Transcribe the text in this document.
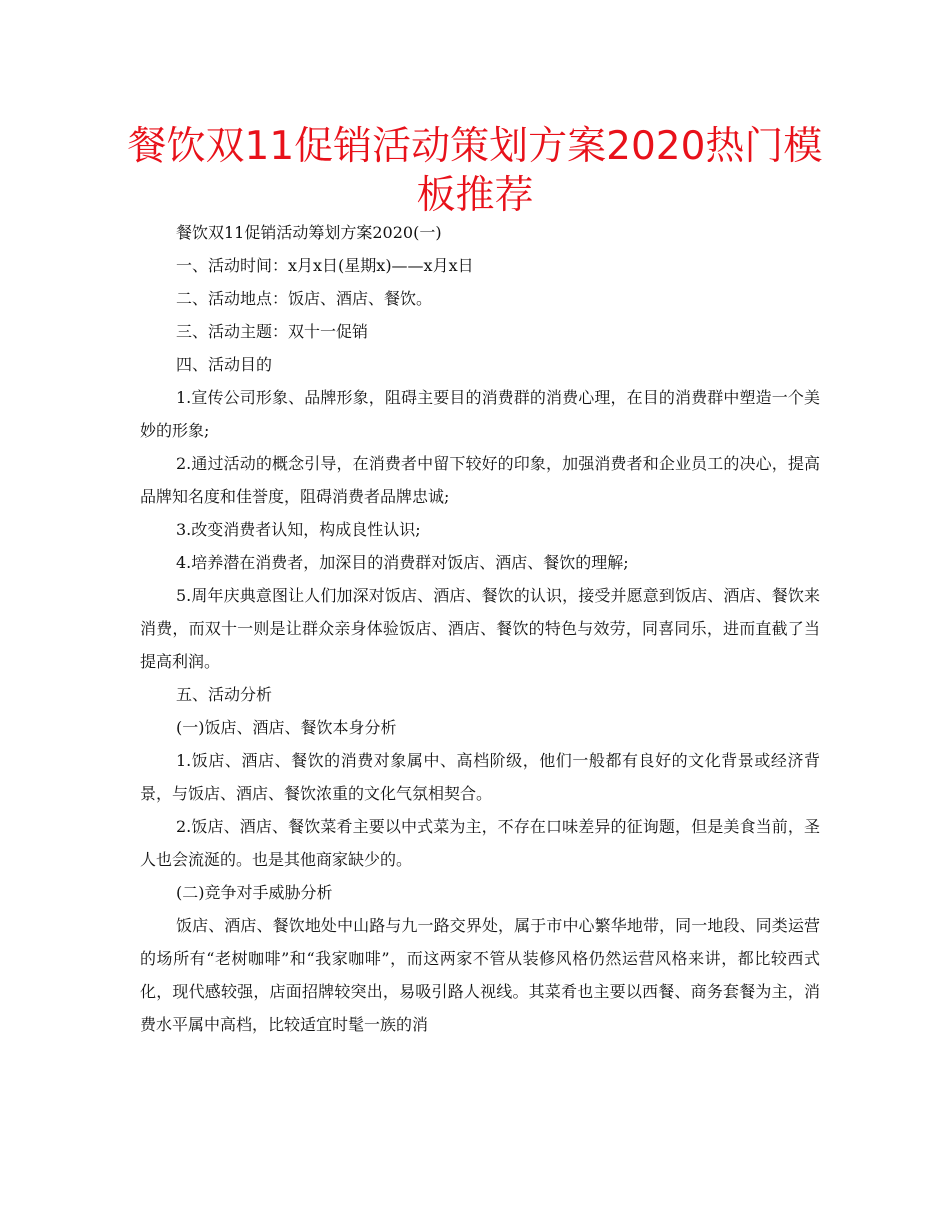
餐饮双11促销活动策划方案2020热门模板推荐

餐饮双11促销活动筹划方案2020(一)

一、活动时间：x月x日(星期x)——x月x日

二、活动地点：饭店、酒店、餐饮。

三、活动主题：双十一促销

四、活动目的

1.宣传公司形象、品牌形象，阻碍主要目的消费群的消费心理，在目的消费群中塑造一个美妙的形象;

2.通过活动的概念引导，在消费者中留下较好的印象，加强消费者和企业员工的决心，提高品牌知名度和佳誉度，阻碍消费者品牌忠诚;

3.改变消费者认知，构成良性认识;

4.培养潜在消费者，加深目的消费群对饭店、酒店、餐饮的理解;

5.周年庆典意图让人们加深对饭店、酒店、餐饮的认识，接受并愿意到饭店、酒店、餐饮来消费，而双十一则是让群众亲身体验饭店、酒店、餐饮的特色与效劳，同喜同乐，进而直截了当提高利润。

五、活动分析

(一)饭店、酒店、餐饮本身分析

1.饭店、酒店、餐饮的消费对象属中、高档阶级，他们一般都有良好的文化背景或经济背景，与饭店、酒店、餐饮浓重的文化气氛相契合。

2.饭店、酒店、餐饮菜肴主要以中式菜为主，不存在口味差异的征询题，但是美食当前，圣人也会流涎的。也是其他商家缺少的。

(二)竞争对手威胁分析

饭店、酒店、餐饮地处中山路与九一路交界处，属于市中心繁华地带，同一地段、同类运营的场所有“老树咖啡”和“我家咖啡”，而这两家不管从装修风格仍然运营风格来讲，都比较西式化，现代感较强，店面招牌较突出，易吸引路人视线。其菜肴也主要以西餐、商务套餐为主，消费水平属中高档，比较适宜时髦一族的消
